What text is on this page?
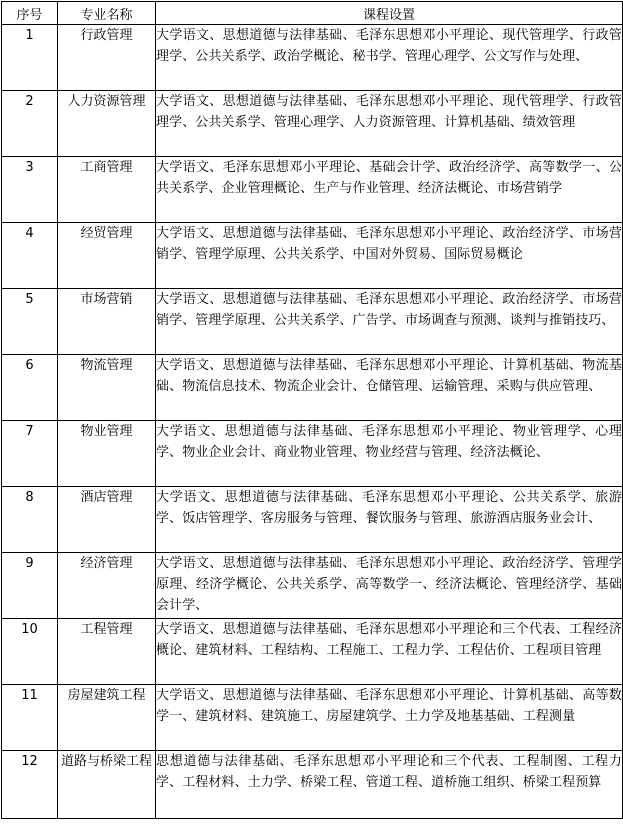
序号	专业名称	课程设置
1	行政管理	大学语文、思想道德与法律基础、毛泽东思想邓小平理论、现代管理学、行政管理学、公共关系学、政治学概论、秘书学、管理心理学、公文写作与处理、
2	人力资源管理	大学语文、思想道德与法律基础、毛泽东思想邓小平理论、现代管理学、行政管理学、公共关系学、管理心理学、人力资源管理、计算机基础、绩效管理
3	工商管理	大学语文、毛泽东思想邓小平理论、基础会计学、政治经济学、高等数学一、公共关系学、企业管理概论、生产与作业管理、经济法概论、市场营销学
4	经贸管理	大学语文、思想道德与法律基础、毛泽东思想邓小平理论、政治经济学、市场营销学、管理学原理、公共关系学、中国对外贸易、国际贸易概论
5	市场营销	大学语文、思想道德与法律基础、毛泽东思想邓小平理论、政治经济学、市场营销学、管理学原理、公共关系学、广告学、市场调查与预测、谈判与推销技巧、
6	物流管理	大学语文、思想道德与法律基础、毛泽东思想邓小平理论、计算机基础、物流基础、物流信息技术、物流企业会计、仓储管理、运输管理、采购与供应管理、
7	物业管理	大学语文、思想道德与法律基础、毛泽东思想邓小平理论、物业管理学、心理学、物业企业会计、商业物业管理、物业经营与管理、经济法概论、
8	酒店管理	大学语文、思想道德与法律基础、毛泽东思想邓小平理论、公共关系学、旅游学、饭店管理学、客房服务与管理、餐饮服务与管理、旅游酒店服务业会计、
9	经济管理	大学语文、思想道德与法律基础、毛泽东思想邓小平理论、政治经济学、管理学原理、经济学概论、公共关系学、高等数学一、经济法概论、管理经济学、基础会计学、
10	工程管理	大学语文、思想道德与法律基础、毛泽东思想邓小平理论和三个代表、工程经济概论、建筑材料、工程结构、工程施工、工程力学、工程估价、工程项目管理
11	房屋建筑工程	大学语文、思想道德与法律基础、毛泽东思想邓小平理论、计算机基础、高等数学一、建筑材料、建筑施工、房屋建筑学、土力学及地基基础、工程测量
12	道路与桥梁工程	思想道德与法律基础、毛泽东思想邓小平理论和三个代表、工程制图、工程力学、工程材料、土力学、桥梁工程、管道工程、道桥施工组织、桥梁工程预算
